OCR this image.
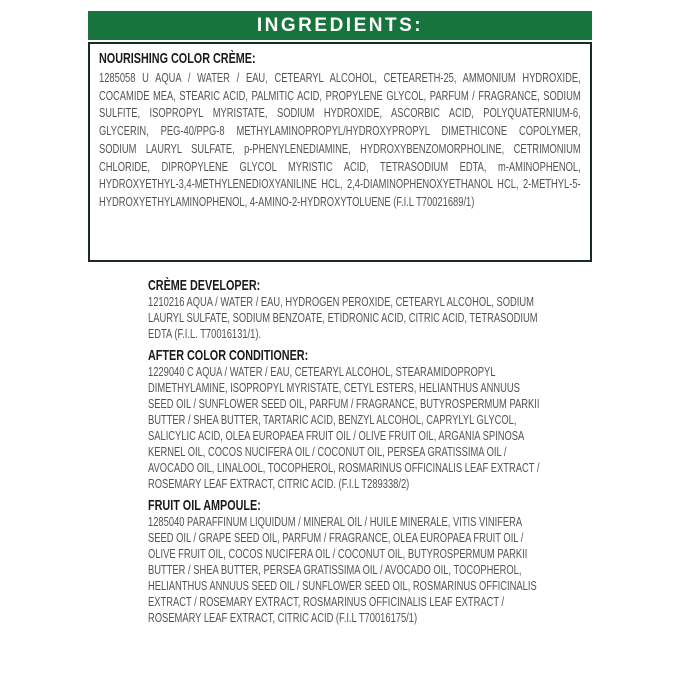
INGREDIENTS:
NOURISHING COLOR CRÈME:

1285058 U AQUA / WATER / EAU, CETEARYL ALCOHOL, CETEARETH-25, AMMONIUM HYDROXIDE, COCAMIDE MEA, STEARIC ACID, PALMITIC ACID, PROPYLENE GLYCOL, PARFUM / FRAGRANCE, SODIUM SULFITE, ISOPROPYL MYRISTATE, SODIUM HYDROXIDE, ASCORBIC ACID, POLYQUATERNIUM-6, GLYCERIN, PEG-40/PPG-8 METHYLAMINOPROPYL/HYDROXYPROPYL DIMETHICONE COPOLYMER, SODIUM LAURYL SULFATE, p-PHENYLENEDIAMINE, HYDROXYBENZOMORPHOLINE, CETRIMONIUM CHLORIDE, DIPROPYLENE GLYCOL MYRISTIC ACID, TETRASODIUM EDTA, m-AMINOPHENOL, HYDROXYETHYL-3,4-METHYLENEDIOXYANILINE HCL, 2,4-DIAMINOPHENOXYETHANOL HCL, 2-METHYL-5-HYDROXYETHYLAMINOPHENOL, 4-AMINO-2-HYDROXYTOLUENE (F.I.L T70021689/1)

CRÈME DEVELOPER:

1210216 AQUA / WATER / EAU, HYDROGEN PEROXIDE, CETEARYL ALCOHOL, SODIUM LAURYL SULFATE, SODIUM BENZOATE, ETIDRONIC ACID, CITRIC ACID, TETRASODIUM EDTA (F.I.L. T70016131/1).

AFTER COLOR CONDITIONER:

1229040 C AQUA / WATER / EAU, CETEARYL ALCOHOL, STEARAMIDOPROPYL DIMETHYLAMINE, ISOPROPYL MYRISTATE, CETYL ESTERS, HELIANTHUS ANNUUS SEED OIL / SUNFLOWER SEED OIL, PARFUM / FRAGRANCE, BUTYROSPERMUM PARKII BUTTER / SHEA BUTTER, TARTARIC ACID, BENZYL ALCOHOL, CAPRYLYL GLYCOL, SALICYLIC ACID, OLEA EUROPAEA FRUIT OIL / OLIVE FRUIT OIL, ARGANIA SPINOSA KERNEL OIL, COCOS NUCIFERA OIL / COCONUT OIL, PERSEA GRATISSIMA OIL / AVOCADO OIL, LINALOOL, TOCOPHEROL, ROSMARINUS OFFICINALIS LEAF EXTRACT / ROSEMARY LEAF EXTRACT, CITRIC ACID. (F.I.L T289338/2)

FRUIT OIL AMPOULE:

1285040 PARAFFINUM LIQUIDUM / MINERAL OIL / HUILE MINERALE, VITIS VINIFERA SEED OIL / GRAPE SEED OIL, PARFUM / FRAGRANCE, OLEA EUROPAEA FRUIT OIL / OLIVE FRUIT OIL, COCOS NUCIFERA OIL / COCONUT OIL, BUTYROSPERMUM PARKII BUTTER / SHEA BUTTER, PERSEA GRATISSIMA OIL / AVOCADO OIL, TOCOPHEROL, HELIANTHUS ANNUUS SEED OIL / SUNFLOWER SEED OIL, ROSMARINUS OFFICINALIS EXTRACT / ROSEMARY EXTRACT, ROSMARINUS OFFICINALIS LEAF EXTRACT / ROSEMARY LEAF EXTRACT, CITRIC ACID (F.I.L T70016175/1)
